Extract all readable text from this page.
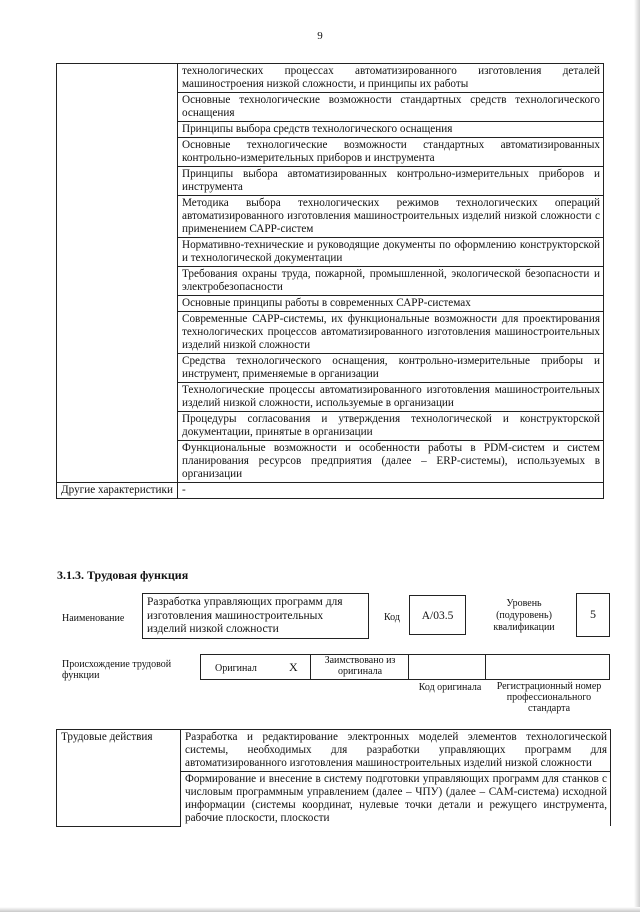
9
	технологических процессах автоматизированного изготовления деталей машиностроения низкой сложности, и принципы их работы
	Основные технологические возможности стандартных средств технологического оснащения
	Принципы выбора средств технологического оснащения
	Основные технологические возможности стандартных автоматизированных контрольно-измерительных приборов и инструмента
	Принципы выбора автоматизированных контрольно-измерительных приборов и инструмента
	Методика выбора технологических режимов технологических операций автоматизированного изготовления машиностроительных изделий низкой сложности с применением САРР-систем
	Нормативно-технические и руководящие документы по оформлению конструкторской и технологической документации
	Требования охраны труда, пожарной, промышленной, экологической безопасности и электробезопасности
	Основные принципы работы в современных САРР-системах
	Современные САРР-системы, их функциональные возможности для проектирования технологических процессов автоматизированного изготовления машиностроительных изделий низкой сложности
	Средства технологического оснащения, контрольно-измерительные приборы и инструмент, применяемые в организации
	Технологические процессы автоматизированного изготовления машиностроительных изделий низкой сложности, используемые в организации
	Процедуры согласования и утверждения технологической и конструкторской документации, принятые в организации
	Функциональные возможности и особенности работы в PDM-систем и систем планирования ресурсов предприятия (далее – ERP-системы), используемых в организации
Другие характеристики	-
3.1.3. Трудовая функция
Наименование
Разработка управляющих программ для изготовления машиностроительных изделий низкой сложности
Код	А/03.5
Уровень (подуровень) квалификации
5
Происхождение трудовой функции
Оригинал	X	Заимствовано из оригинала
Код оригинала	Регистрационный номер профессионального стандарта
Трудовые действия	Разработка и редактирование электронных моделей элементов технологической системы, необходимых для разработки управляющих программ для автоматизированного изготовления машиностроительных изделий низкой сложности
Формирование и внесение в систему подготовки управляющих программ для станков с числовым программным управлением (далее – ЧПУ) (далее – САМ-система) исходной информации (системы координат, нулевые точки детали и режущего инструмента, рабочие плоскости, плоскости
